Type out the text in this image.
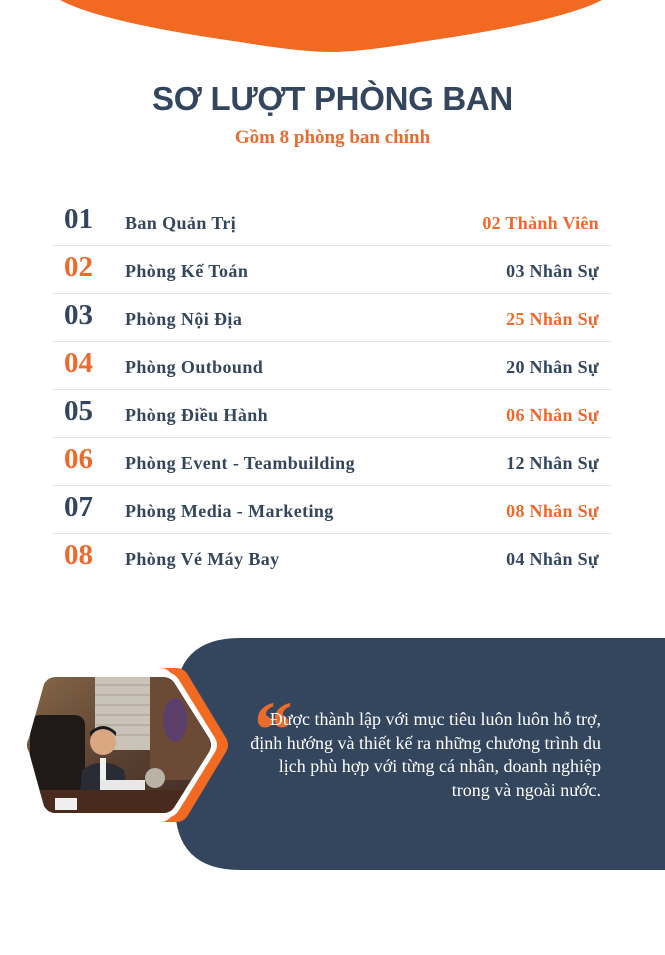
SƠ LƯỢT PHÒNG BAN
Gồm 8 phòng ban chính
01 Ban Quản Trị	02 Thành Viên
02 Phòng Kế Toán	03 Nhân Sự
03 Phòng Nội Địa	25 Nhân Sự
04 Phòng Outbound	20 Nhân Sự
05 Phòng Điều Hành	06 Nhân Sự
06 Phòng Event - Teambuilding	12 Nhân Sự
07 Phòng Media - Marketing	08 Nhân Sự
08 Phòng Vé Máy Bay	04 Nhân Sự
“

Được thành lập với mục tiêu luôn luôn hỗ trợ, định hướng và thiết kế ra những chương trình du lịch phù hợp với từng cá nhân, doanh nghiệp trong và ngoài nước.
